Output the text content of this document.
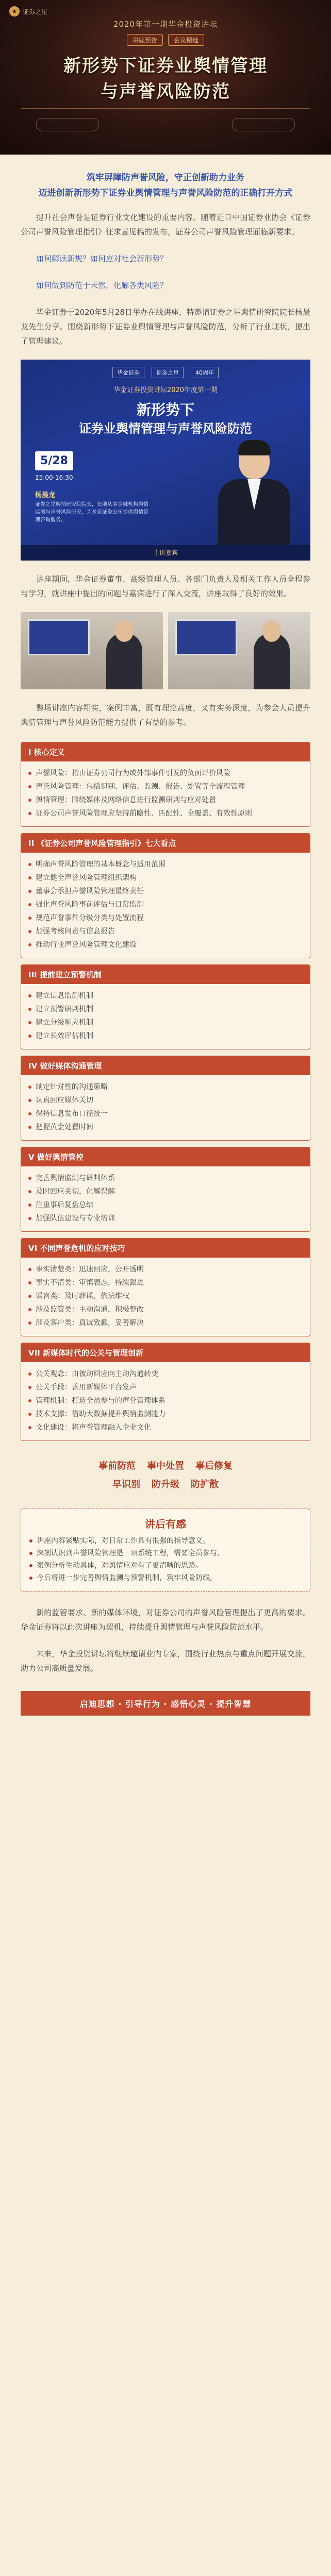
★ 证券之星
2020年第一期华金投资讲坛
讲座预告	会议精选
新形势下证券业舆情管理
与声誉风险防范
筑牢屏障防声誉风险，守正创新助力业务
迈进创新新形势下证券业舆情管理与声誉风险防范的正确打开方式
提升社会声誉是证券行业文化建设的重要内容。随着近日中国证券业协会《证券公司声誉风险管理指引》征求意见稿的发布，证券公司声誉风险管理面临新要求。
如何解读新规？如何应对社会新形势？
如何做到防范于未然，化解各类风险？
华金证券于2020年5月28日举办在线讲座，特邀请证券之星舆情研究院院长杨晨龙先生分享。围绕新形势下证券业舆情管理与声誉风险防范，分析了行业现状，提出了管理建议。
华金证券	证券之星	40周年
华金证券投资讲坛2020年度第一期
新形势下
证券业舆情管理与声誉风险防范
5/28
15:00-16:30
杨晨龙
证券之星舆情研究院院长，长期从事金融机构舆情监测与声誉风险研究，为多家证券公司提供舆情管理咨询服务。
主讲嘉宾
讲座期间，华金证券董事、高级管理人员、各部门负责人及相关工作人员全程参与学习，就讲座中提出的问题与嘉宾进行了深入交流，讲座取得了良好的效果。
整场讲座内容翔实，案例丰富，既有理论高度，又有实务深度，为参会人员提升舆情管理与声誉风险防范能力提供了有益的参考。
I 核心定义
声誉风险：指由证券公司行为或外部事件引发的负面评价风险
声誉风险管理：包括识别、评估、监测、报告、处置等全流程管理
舆情管理：围绕媒体及网络信息进行监测研判与应对处置
证券公司声誉风险管理应坚持前瞻性、匹配性、全覆盖、有效性原则
II 《证券公司声誉风险管理指引》七大看点
明确声誉风险管理的基本概念与适用范围
建立健全声誉风险管理组织架构
董事会承担声誉风险管理最终责任
强化声誉风险事前评估与日常监测
规范声誉事件分级分类与处置流程
加强考核问责与信息报告
推动行业声誉风险管理文化建设
III 提前建立预警机制
建立信息监测机制
建立预警研判机制
建立分级响应机制
建立长效评估机制
IV 做好媒体沟通管理
制定针对性的沟通策略
认真回应媒体关切
保持信息发布口径统一
把握黄金处置时间
V 做好舆情管控
完善舆情监测与研判体系
及时回应关切，化解误解
注重事后复盘总结
加强队伍建设与专业培训
VI 不同声誉危机的应对技巧
事实清楚类：迅速回应，公开透明
事实不清类：审慎表态，持续跟进
谣言类：及时辟谣，依法维权
涉及监管类：主动沟通，积极整改
涉及客户类：真诚致歉，妥善解决
VII 新媒体时代的公关与管理创新
公关观念：由被动回应向主动沟通转变
公关手段：善用新媒体平台发声
管理机制：打造全员参与的声誉管理体系
技术支撑：借助大数据提升舆情监测能力
文化建设：将声誉管理融入企业文化
事前防范 事中处置 事后修复
早识别 防升级 防扩散
讲后有感
讲座内容紧贴实际，对日常工作具有很强的指导意义。
深刻认识到声誉风险管理是一项系统工程，需要全员参与。
案例分析生动具体，对舆情应对有了更清晰的思路。
今后将进一步完善舆情监测与预警机制，筑牢风险防线。
新的监管要求、新的媒体环境，对证券公司的声誉风险管理提出了更高的要求。华金证券将以此次讲座为契机，持续提升舆情管理与声誉风险防范水平。
未来，华金投资讲坛将继续邀请业内专家，围绕行业热点与重点问题开展交流，助力公司高质量发展。
启迪思想 · 引导行为 · 感悟心灵 · 提升智慧
